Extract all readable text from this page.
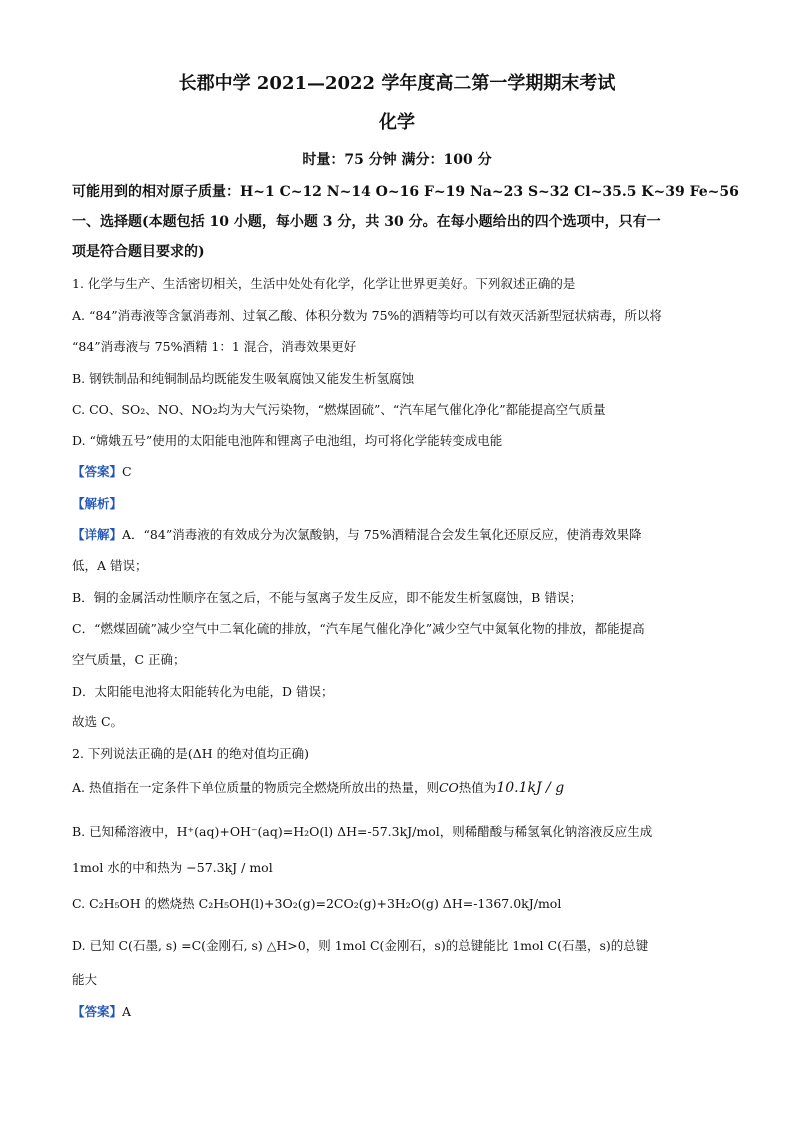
长郡中学 2021—2022 学年度高二第一学期期末考试
化学
时量：75 分钟 满分：100 分
可能用到的相对原子质量：H~1 C~12 N~14 O~16 F~19 Na~23 S~32 Cl~35.5 K~39 Fe~56
一、选择题(本题包括 10 小题，每小题 3 分，共 30 分。在每小题给出的四个选项中，只有一
项是符合题目要求的)
1. 化学与生产、生活密切相关，生活中处处有化学，化学让世界更美好。下列叙述正确的是
A. “84”消毒液等含氯消毒剂、过氧乙酸、体积分数为 75%的酒精等均可以有效灭活新型冠状病毒，所以将
“84”消毒液与 75%酒精 1：1 混合，消毒效果更好
B. 钢铁制品和纯铜制品均既能发生吸氧腐蚀又能发生析氢腐蚀
C. CO、SO₂、NO、NO₂均为大气污染物，“燃煤固硫”、“汽车尾气催化净化”都能提高空气质量
D. “嫦娥五号”使用的太阳能电池阵和锂离子电池组，均可将化学能转变成电能
【答案】C
【解析】
【详解】A．“84”消毒液的有效成分为次氯酸钠，与 75%酒精混合会发生氧化还原反应，使消毒效果降
低，A 错误；
B．铜的金属活动性顺序在氢之后，不能与氢离子发生反应，即不能发生析氢腐蚀，B 错误；
C．“燃煤固硫”减少空气中二氧化硫的排放，“汽车尾气催化净化”减少空气中氮氧化物的排放，都能提高
空气质量，C 正确；
D．太阳能电池将太阳能转化为电能，D 错误；
故选 C。
2. 下列说法正确的是(ΔH 的绝对值均正确)
A. 热值指在一定条件下单位质量的物质完全燃烧所放出的热量，则CO热值为10.1kJ / g
B. 已知稀溶液中，H⁺(aq)+OH⁻(aq)=H₂O(l) ΔH=-57.3kJ/mol，则稀醋酸与稀氢氧化钠溶液反应生成
1mol 水的中和热为 −57.3kJ / mol
C. C₂H₅OH 的燃烧热 C₂H₅OH(l)+3O₂(g)=2CO₂(g)+3H₂O(g) ΔH=-1367.0kJ/mol
D. 已知 C(石墨, s) =C(金刚石, s) △H>0，则 1mol C(金刚石，s)的总键能比 1mol C(石墨，s)的总键
能大
【答案】A
